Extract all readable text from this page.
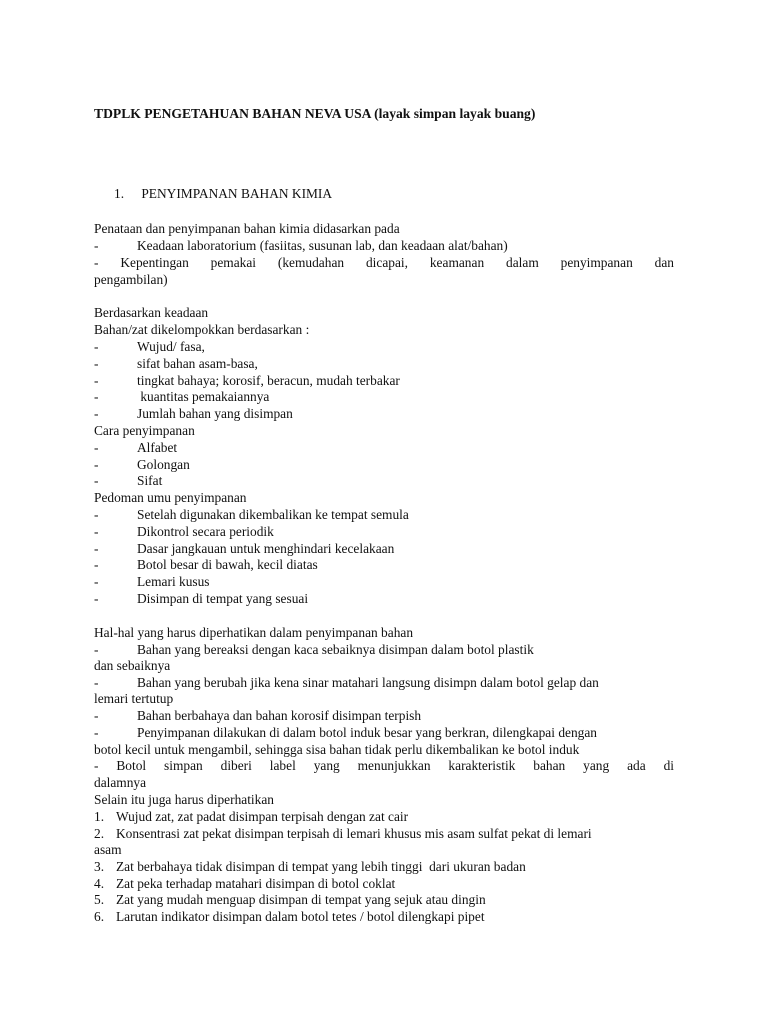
TDPLK PENGETAHUAN BAHAN NEVA USA (layak simpan layak buang)
1. PENYIMPANAN BAHAN KIMIA
Penataan dan penyimpanan bahan kimia didasarkan pada
-	Keadaan laboratorium (fasiitas, susunan lab, dan keadaan alat/bahan)
- Kepentingan pemakai (kemudahan dicapai, keamanan dalam penyimpanan dan
pengambilan)
Berdasarkan keadaan
Bahan/zat dikelompokkan berdasarkan :
-	Wujud/ fasa,
-	sifat bahan asam-basa,
-	tingkat bahaya; korosif, beracun, mudah terbakar
-	kuantitas pemakaiannya
-	Jumlah bahan yang disimpan
Cara penyimpanan
-	Alfabet
-	Golongan
-	Sifat
Pedoman umu penyimpanan
-	Setelah digunakan dikembalikan ke tempat semula
-	Dikontrol secara periodik
-	Dasar jangkauan untuk menghindari kecelakaan
-	Botol besar di bawah, kecil diatas
-	Lemari kusus
-	Disimpan di tempat yang sesuai
Hal-hal yang harus diperhatikan dalam penyimpanan bahan
-	Bahan yang bereaksi dengan kaca sebaiknya disimpan dalam botol plastik
dan sebaiknya
-	Bahan yang berubah jika kena sinar matahari langsung disimpn dalam botol gelap dan
lemari tertutup
-	Bahan berbahaya dan bahan korosif disimpan terpish
-	Penyimpanan dilakukan di dalam botol induk besar yang berkran, dilengkapai dengan
botol kecil untuk mengambil, sehingga sisa bahan tidak perlu dikembalikan ke botol induk
- Botol simpan diberi label yang menunjukkan karakteristik bahan yang ada di
dalamnya
Selain itu juga harus diperhatikan
1. Wujud zat, zat padat disimpan terpisah dengan zat cair
2. Konsentrasi zat pekat disimpan terpisah di lemari khusus mis asam sulfat pekat di lemari
asam
3. Zat berbahaya tidak disimpan di tempat yang lebih tinggi  dari ukuran badan
4. Zat peka terhadap matahari disimpan di botol coklat
5. Zat yang mudah menguap disimpan di tempat yang sejuk atau dingin
6. Larutan indikator disimpan dalam botol tetes / botol dilengkapi pipet
